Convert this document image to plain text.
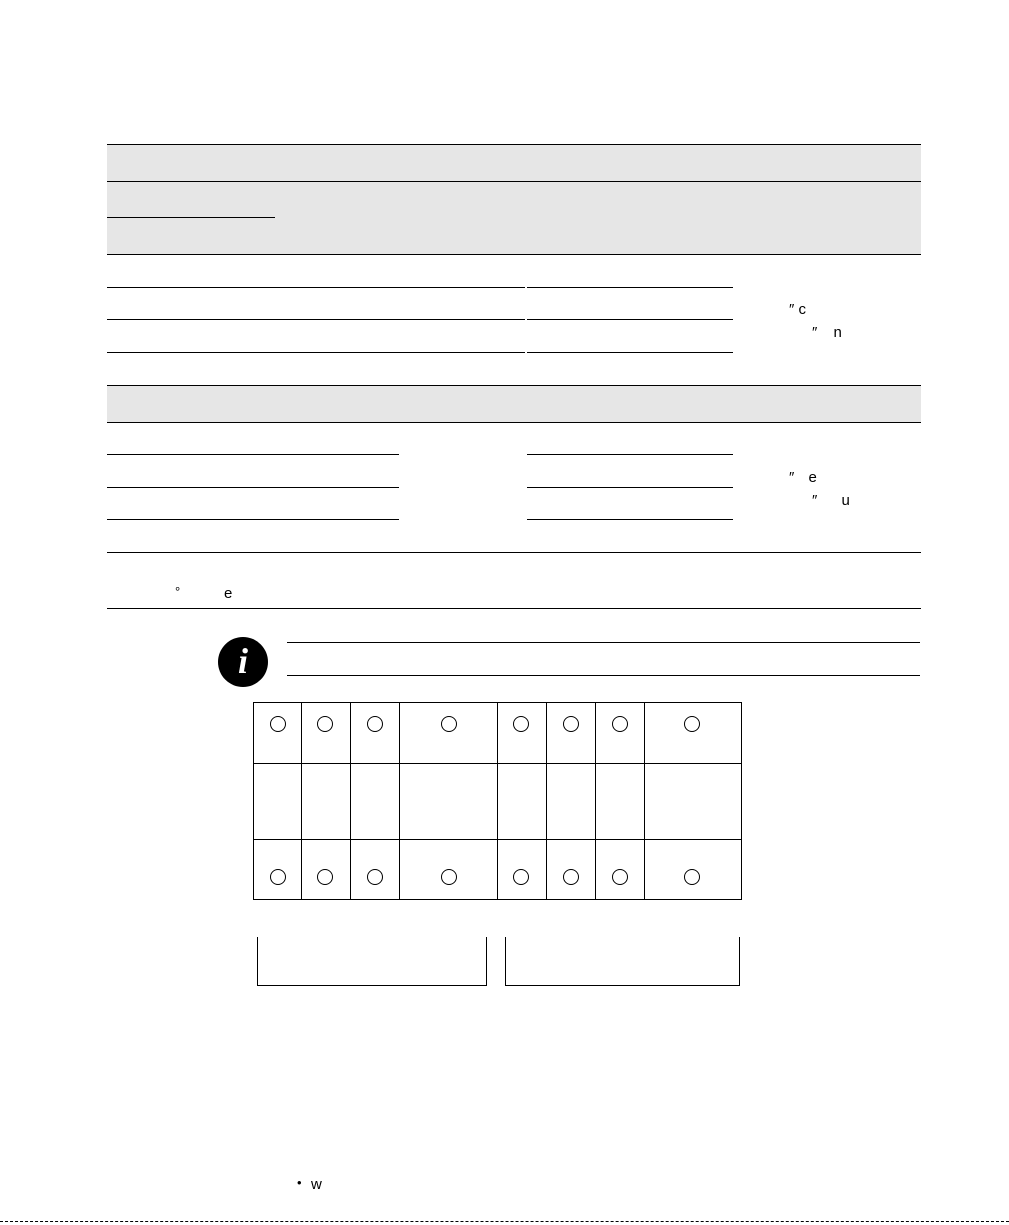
″ c
″ n
″ e
″ u
°	e
i
• w
